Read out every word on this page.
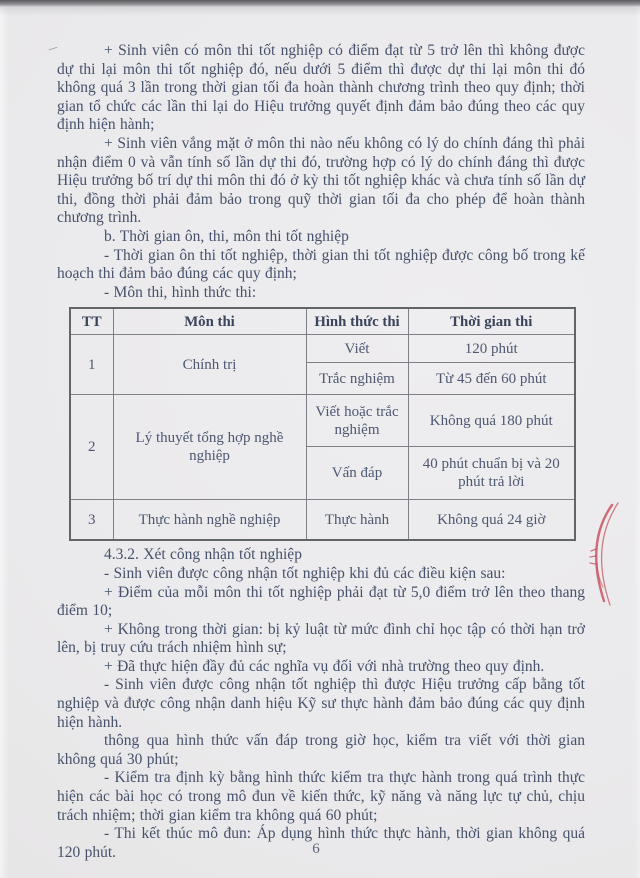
+ Sinh viên có môn thi tốt nghiệp có điểm đạt từ 5 trở lên thì không được dự thi lại môn thi tốt nghiệp đó, nếu dưới 5 điểm thì được dự thi lại môn thi đó không quá 3 lần trong thời gian tối đa hoàn thành chương trình theo quy định; thời gian tổ chức các lần thi lại do Hiệu trưởng quyết định đảm bảo đúng theo các quy định hiện hành;

+ Sinh viên vắng mặt ở môn thi nào nếu không có lý do chính đáng thì phải nhận điểm 0 và vẫn tính số lần dự thi đó, trường hợp có lý do chính đáng thì được Hiệu trưởng bố trí dự thi môn thi đó ở kỳ thi tốt nghiệp khác và chưa tính số lần dự thi, đồng thời phải đảm bảo trong quỹ thời gian tối đa cho phép để hoàn thành chương trình.

b. Thời gian ôn, thi, môn thi tốt nghiệp

- Thời gian ôn thi tốt nghiệp, thời gian thi tốt nghiệp được công bố trong kế hoạch thi đảm bảo đúng các quy định;

- Môn thi, hình thức thi:

TT	Môn thi	Hình thức thi	Thời gian thi
1	Chính trị	Viết	120 phút
		Trắc nghiệm	Từ 45 đến 60 phút
2	Lý thuyết tổng hợp nghề nghiệp	Viết hoặc trắc nghiệm	Không quá 180 phút
		Vấn đáp	40 phút chuẩn bị và 20 phút trả lời
3	Thực hành nghề nghiệp	Thực hành	Không quá 24 giờ

4.3.2. Xét công nhận tốt nghiệp

- Sinh viên được công nhận tốt nghiệp khi đủ các điều kiện sau:

+ Điểm của mỗi môn thi tốt nghiệp phải đạt từ 5,0 điểm trở lên theo thang điểm 10;

+ Không trong thời gian: bị kỷ luật từ mức đình chỉ học tập có thời hạn trở lên, bị truy cứu trách nhiệm hình sự;

+ Đã thực hiện đầy đủ các nghĩa vụ đối với nhà trường theo quy định.

- Sinh viên được công nhận tốt nghiệp thì được Hiệu trưởng cấp bằng tốt nghiệp và được công nhận danh hiệu Kỹ sư thực hành đảm bảo đúng các quy định hiện hành.

thông qua hình thức vấn đáp trong giờ học, kiểm tra viết với thời gian không quá 30 phút;

- Kiểm tra định kỳ bằng hình thức kiểm tra thực hành trong quá trình thực hiện các bài học có trong mô đun về kiến thức, kỹ năng và năng lực tự chủ, chịu trách nhiệm; thời gian kiểm tra không quá 60 phút;

- Thi kết thúc mô đun: Áp dụng hình thức thực hành, thời gian không quá 120 phút.	6
